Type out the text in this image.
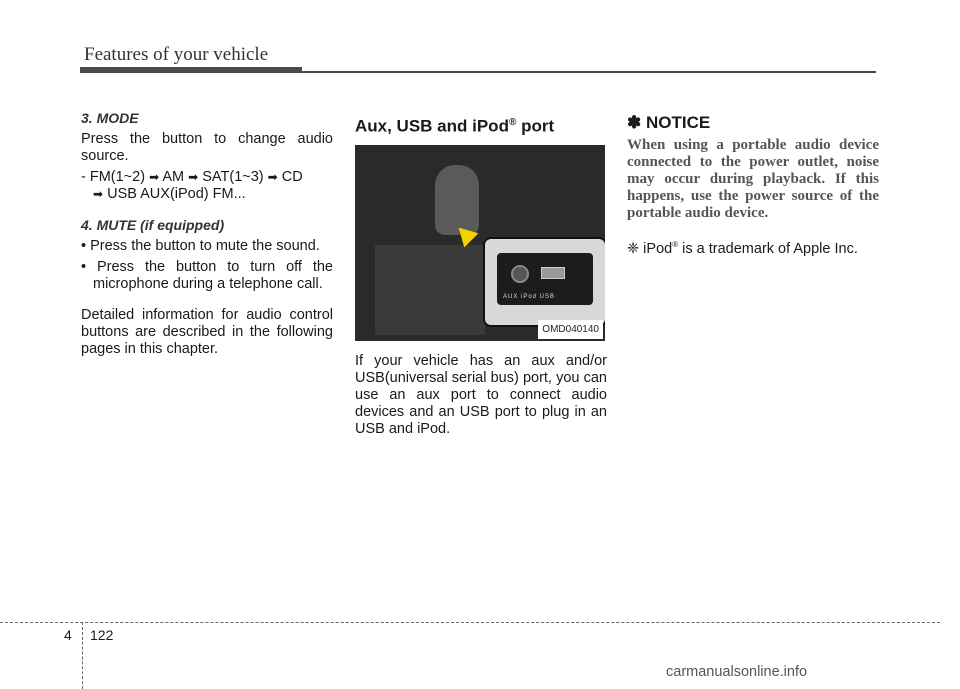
Features of your vehicle

3. MODE

Press the button to change audio source.

- FM(1~2) ➡ AM ➡ SAT(1~3) ➡ CD

➡ USB AUX(iPod) FM...

4. MUTE (if equipped)

• Press the button to mute the sound.

• Press the button to turn off the microphone during a telephone call.

Detailed information for audio control buttons are described in the following pages in this chapter.

Aux, USB and iPod® port

AUX iPod USB
OMD040140

If your vehicle has an aux and/or USB(universal serial bus) port, you can use an aux port to connect audio devices and an USB port to plug in an USB and iPod.

✽ NOTICE

When using a portable audio device connected to the power outlet, noise may occur during playback. If this happens, use the power source of the portable audio device.

❈ iPod® is a trademark of Apple Inc.

4 122
carmanualsonline.info
